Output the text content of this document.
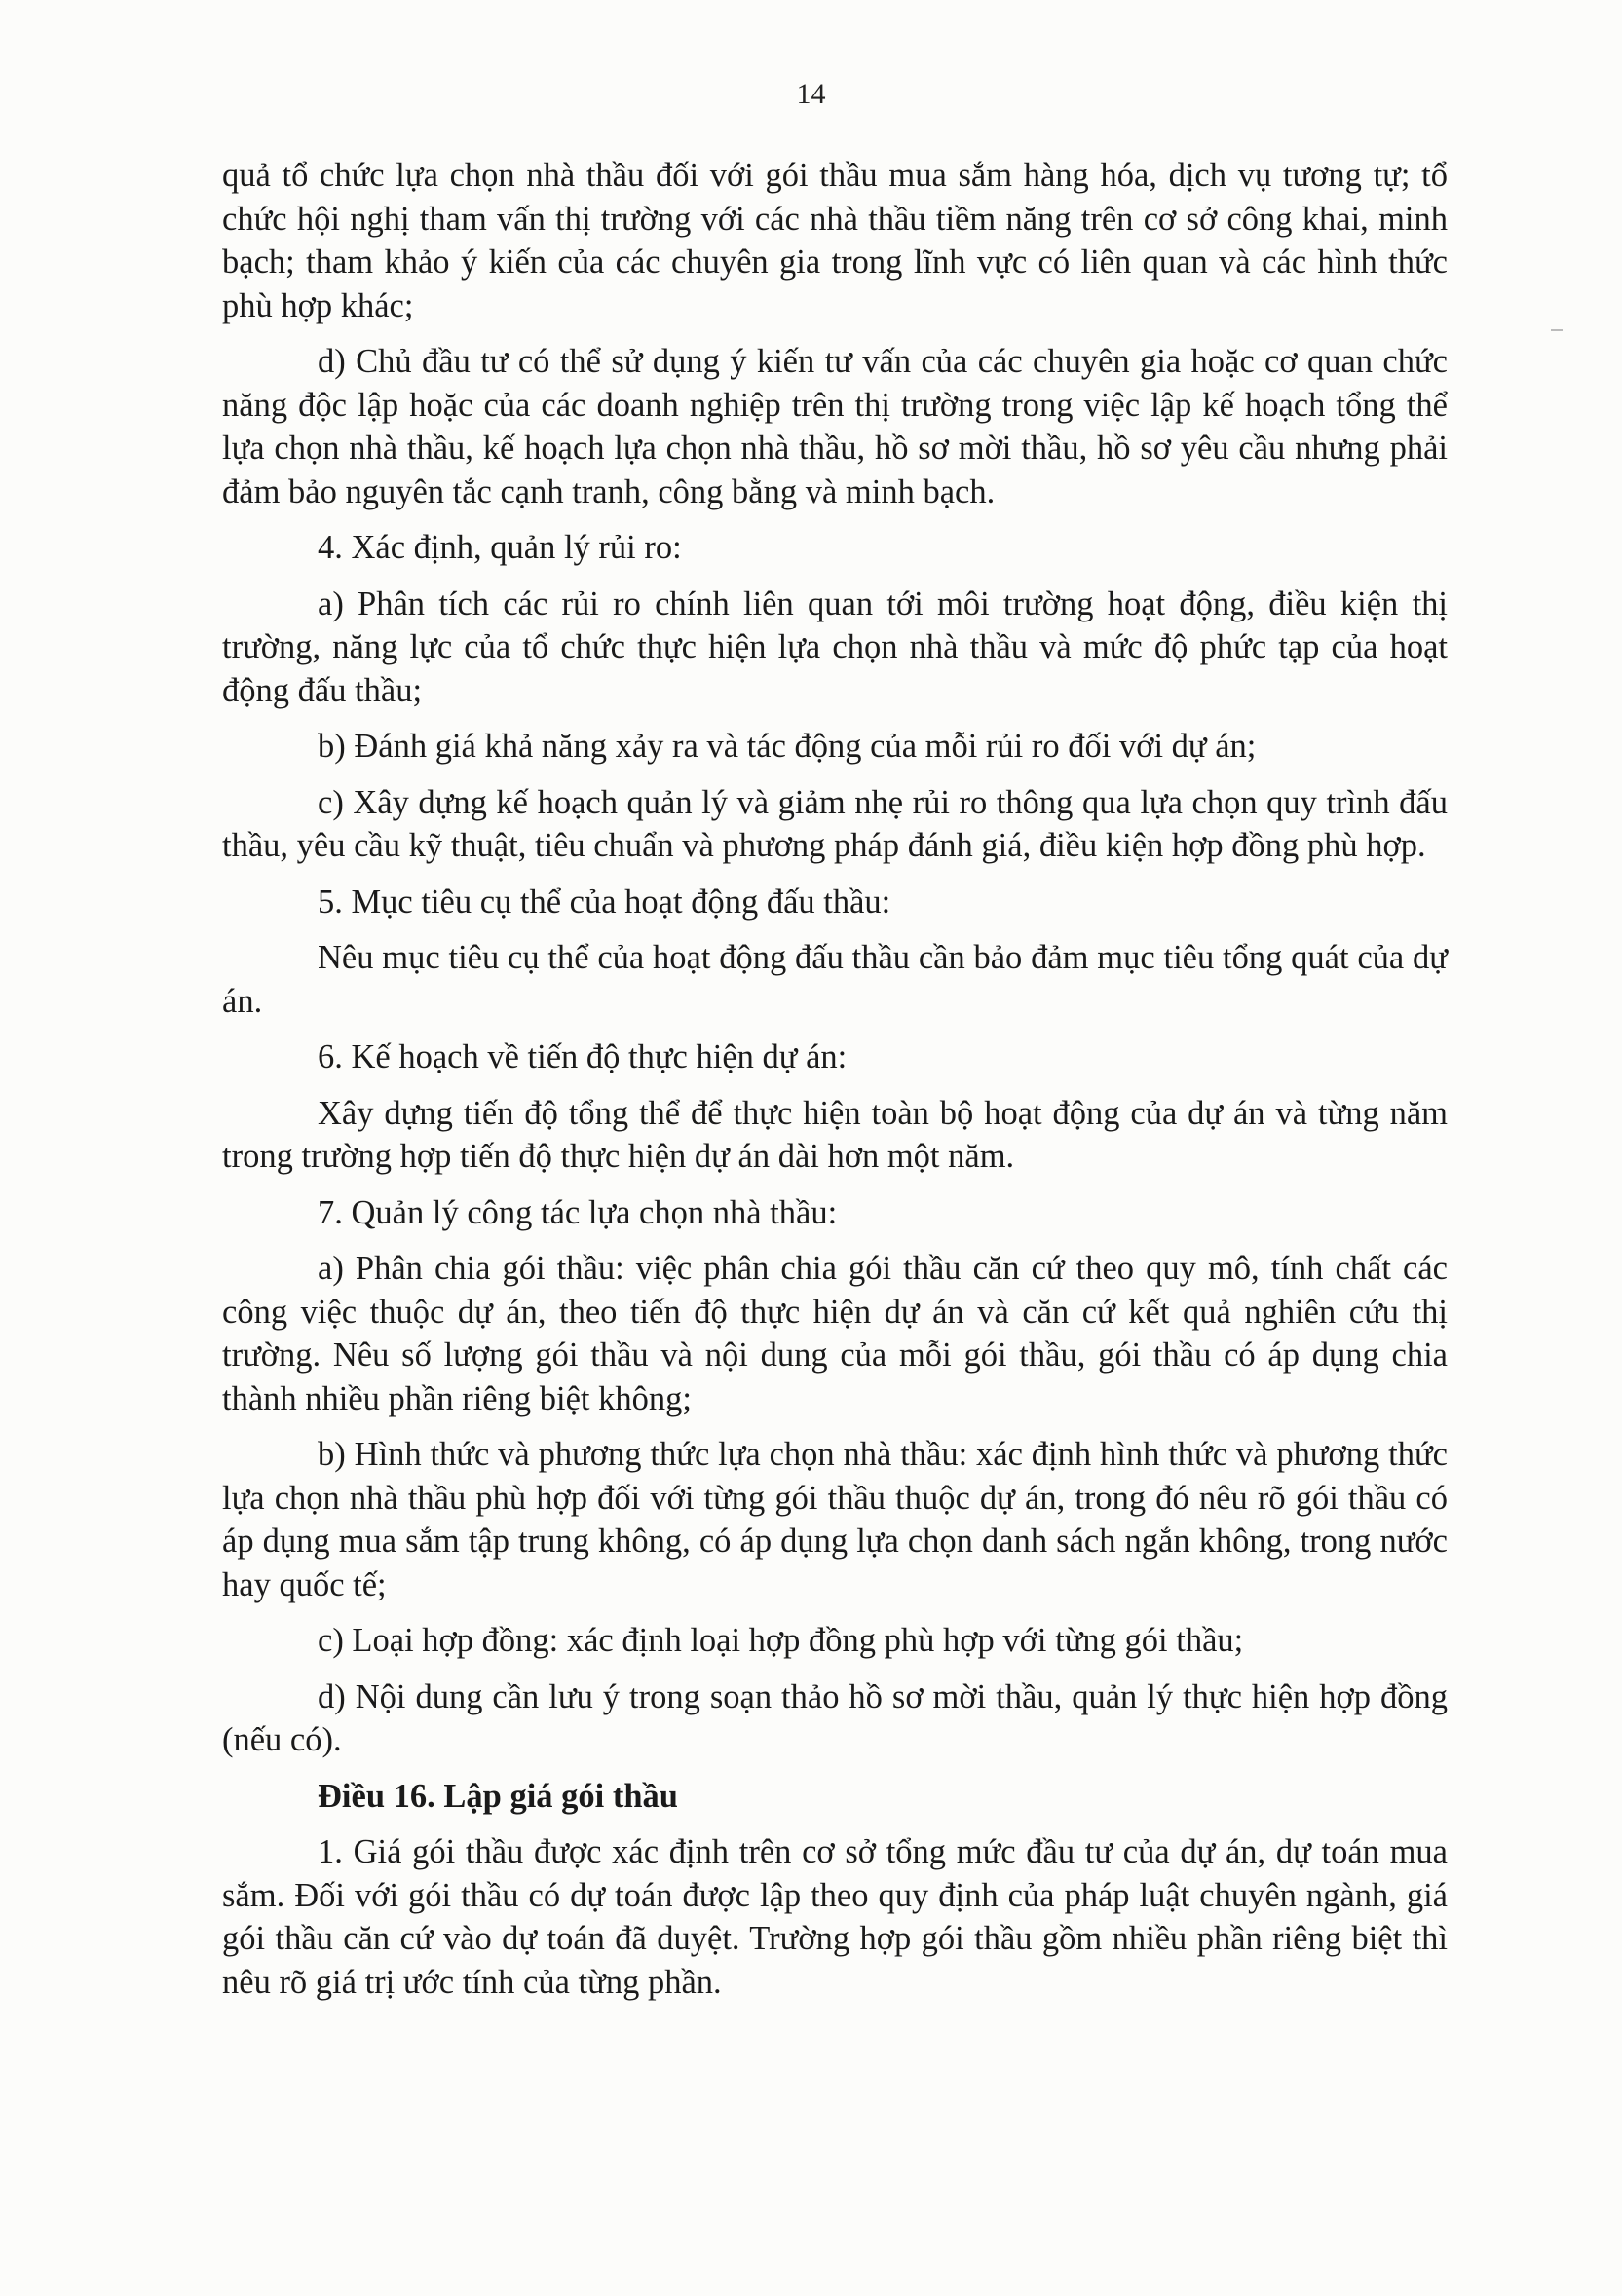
14

quả tổ chức lựa chọn nhà thầu đối với gói thầu mua sắm hàng hóa, dịch vụ tương tự; tổ chức hội nghị tham vấn thị trường với các nhà thầu tiềm năng trên cơ sở công khai, minh bạch; tham khảo ý kiến của các chuyên gia trong lĩnh vực có liên quan và các hình thức phù hợp khác;

d) Chủ đầu tư có thể sử dụng ý kiến tư vấn của các chuyên gia hoặc cơ quan chức năng độc lập hoặc của các doanh nghiệp trên thị trường trong việc lập kế hoạch tổng thể lựa chọn nhà thầu, kế hoạch lựa chọn nhà thầu, hồ sơ mời thầu, hồ sơ yêu cầu nhưng phải đảm bảo nguyên tắc cạnh tranh, công bằng và minh bạch.

4. Xác định, quản lý rủi ro:

a) Phân tích các rủi ro chính liên quan tới môi trường hoạt động, điều kiện thị trường, năng lực của tổ chức thực hiện lựa chọn nhà thầu và mức độ phức tạp của hoạt động đấu thầu;

b) Đánh giá khả năng xảy ra và tác động của mỗi rủi ro đối với dự án;

c) Xây dựng kế hoạch quản lý và giảm nhẹ rủi ro thông qua lựa chọn quy trình đấu thầu, yêu cầu kỹ thuật, tiêu chuẩn và phương pháp đánh giá, điều kiện hợp đồng phù hợp.

5. Mục tiêu cụ thể của hoạt động đấu thầu:

Nêu mục tiêu cụ thể của hoạt động đấu thầu cần bảo đảm mục tiêu tổng quát của dự án.

6. Kế hoạch về tiến độ thực hiện dự án:

Xây dựng tiến độ tổng thể để thực hiện toàn bộ hoạt động của dự án và từng năm trong trường hợp tiến độ thực hiện dự án dài hơn một năm.

7. Quản lý công tác lựa chọn nhà thầu:

a) Phân chia gói thầu: việc phân chia gói thầu căn cứ theo quy mô, tính chất các công việc thuộc dự án, theo tiến độ thực hiện dự án và căn cứ kết quả nghiên cứu thị trường. Nêu số lượng gói thầu và nội dung của mỗi gói thầu, gói thầu có áp dụng chia thành nhiều phần riêng biệt không;

b) Hình thức và phương thức lựa chọn nhà thầu: xác định hình thức và phương thức lựa chọn nhà thầu phù hợp đối với từng gói thầu thuộc dự án, trong đó nêu rõ gói thầu có áp dụng mua sắm tập trung không, có áp dụng lựa chọn danh sách ngắn không, trong nước hay quốc tế;

c) Loại hợp đồng: xác định loại hợp đồng phù hợp với từng gói thầu;

d) Nội dung cần lưu ý trong soạn thảo hồ sơ mời thầu, quản lý thực hiện hợp đồng (nếu có).

Điều 16. Lập giá gói thầu

1. Giá gói thầu được xác định trên cơ sở tổng mức đầu tư của dự án, dự toán mua sắm. Đối với gói thầu có dự toán được lập theo quy định của pháp luật chuyên ngành, giá gói thầu căn cứ vào dự toán đã duyệt. Trường hợp gói thầu gồm nhiều phần riêng biệt thì nêu rõ giá trị ước tính của từng phần.
